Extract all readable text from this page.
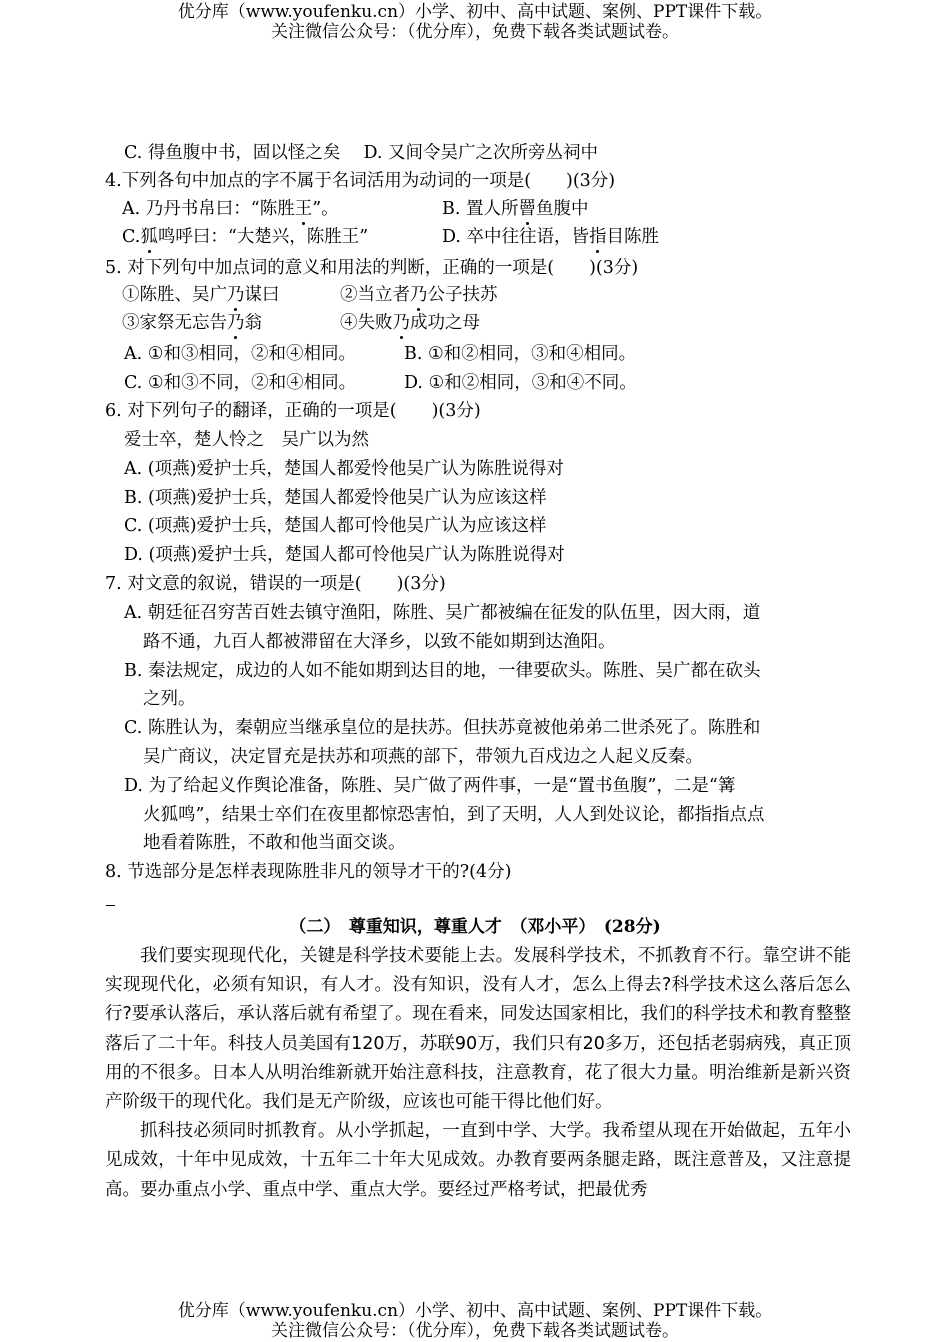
优分库（www.youfenku.cn）小学、初中、高中试题、案例、PPT课件下载。
关注微信公众号：（优分库），免费下载各类试题试卷。
C. 得鱼腹中书，固以怪之矣　 D. 又间令吴广之次所旁丛祠中
4.下列各句中加点的字不属于名词活用为动词的一项是(　　)(3分)
A. 乃丹书帛曰：“陈胜王”。	B. 置人所罾鱼腹中
C.狐鸣呼曰：“大楚兴，陈胜王”	D. 卒中往往语，皆指目陈胜
5. 对下列句中加点词的意义和用法的判断，正确的一项是(　　)(3分)
①陈胜、吴广乃谋曰	②当立者乃公子扶苏
③家祭无忘告乃翁	④失败乃成功之母
A. ①和③相同，②和④相同。	B. ①和②相同，③和④相同。
C. ①和③不同，②和④相同。	D. ①和②相同，③和④不同。
6. 对下列句子的翻译，正确的一项是(　　)(3分)
爱士卒，楚人怜之　吴广以为然
A. (项燕)爱护士兵，楚国人都爱怜他吴广认为陈胜说得对
B. (项燕)爱护士兵，楚国人都爱怜他吴广认为应该这样
C. (项燕)爱护士兵，楚国人都可怜他吴广认为应该这样
D. (项燕)爱护士兵，楚国人都可怜他吴广认为陈胜说得对
7. 对文意的叙说，错误的一项是(　　)(3分)
A. 朝廷征召穷苦百姓去镇守渔阳，陈胜、吴广都被编在征发的队伍里，因大雨，道
路不通，九百人都被滞留在大泽乡，以致不能如期到达渔阳。
B. 秦法规定，成边的人如不能如期到达目的地，一律要砍头。陈胜、吴广都在砍头
之列。
C. 陈胜认为，秦朝应当继承皇位的是扶苏。但扶苏竟被他弟弟二世杀死了。陈胜和
吴广商议，决定冒充是扶苏和项燕的部下，带领九百戍边之人起义反秦。
D. 为了给起义作舆论准备，陈胜、吴广做了两件事，一是“置书鱼腹”，二是“篝
火狐鸣”，结果士卒们在夜里都惊恐害怕，到了天明，人人到处议论，都指指点点
地看着陈胜，不敢和他当面交谈。
8. 节选部分是怎样表现陈胜非凡的领导才干的?(4分)
（二）　尊重知识，尊重人才　（邓小平）　(28分)
我们要实现现代化，关键是科学技术要能上去。发展科学技术，不抓教育不行。靠空讲不能实现现代化，必须有知识，有人才。没有知识，没有人才，怎么上得去?科学技术这么落后怎么行?要承认落后，承认落后就有希望了。现在看来，同发达国家相比，我们的科学技术和教育整整落后了二十年。科技人员美国有120万，苏联90万，我们只有20多万，还包括老弱病残，真正顶用的不很多。日本人从明治维新就开始注意科技，注意教育，花了很大力量。明治维新是新兴资产阶级干的现代化。我们是无产阶级，应该也可能干得比他们好。
抓科技必须同时抓教育。从小学抓起，一直到中学、大学。我希望从现在开始做起，五年小见成效，十年中见成效，十五年二十年大见成效。办教育要两条腿走路，既注意普及，又注意提高。要办重点小学、重点中学、重点大学。要经过严格考试，把最优秀
优分库（www.youfenku.cn）小学、初中、高中试题、案例、PPT课件下载。
关注微信公众号：（优分库），免费下载各类试题试卷。
